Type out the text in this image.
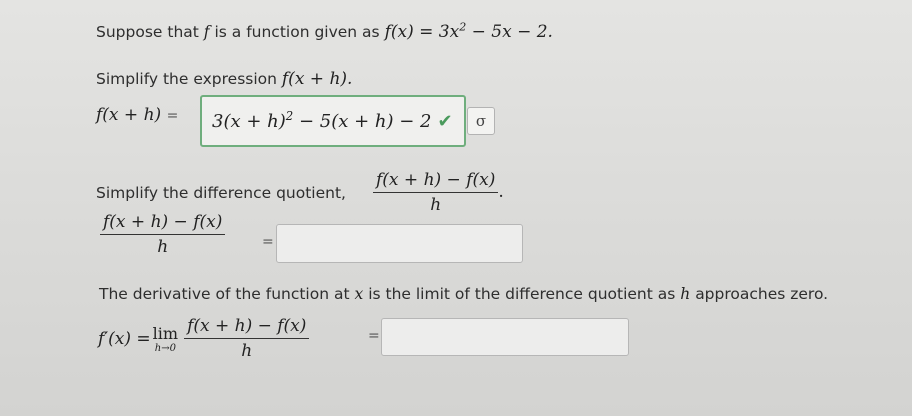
Suppose that f is a function given as $f(x) = 3x^2 - 5x - 2$.
Simplify the expression f(x + h).
$f(x + h) = 3(x + h)^2 - 5(x + h) - 2$ ✔ σ
Simplify the difference quotient, $\frac{f(x + h) - f(x)}{h}$ .
$\frac{f(x + h) - f(x)}{h}$	=
The derivative of the function at x is the limit of the difference quotient as h approaches zero.
f′(x) = lim
$h\to 0 \frac{f(x + h) - f(x)}{h}$	=
